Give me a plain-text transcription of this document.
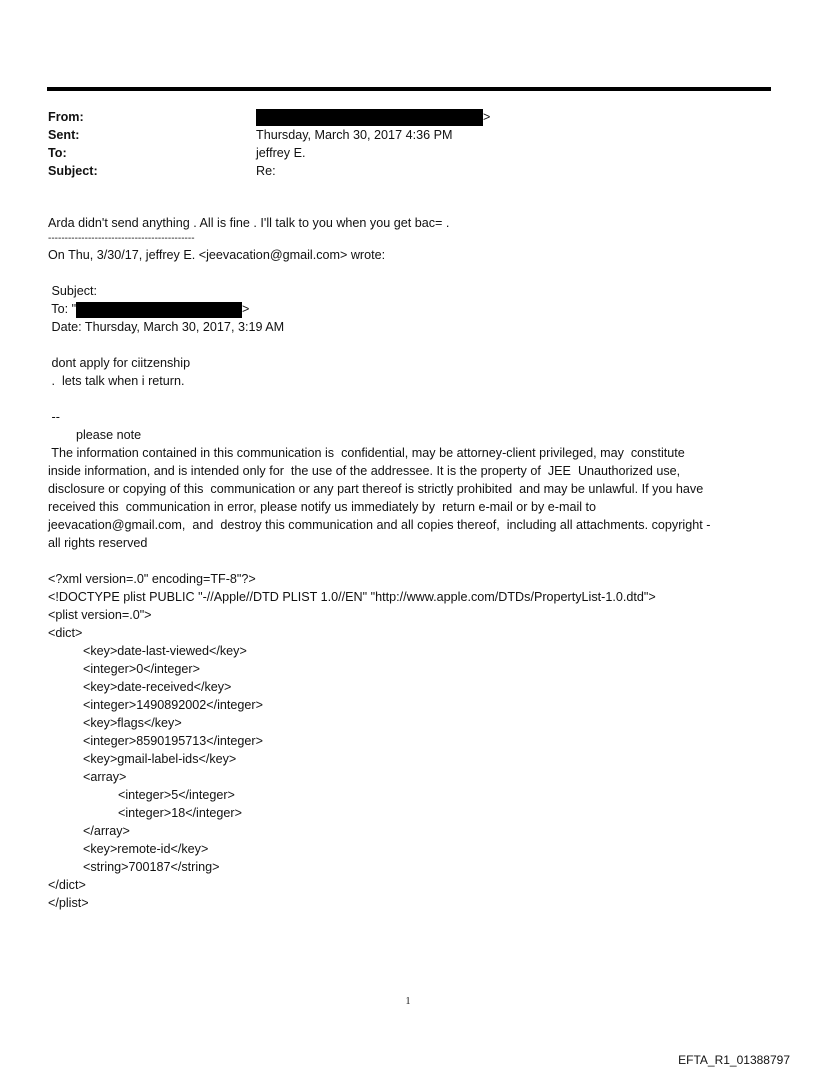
From:	>
Sent:	Thursday, March 30, 2017 4:36 PM
To:	jeffrey E.
Subject:	Re:
Arda didn't send anything . All is fine . I'll talk to you when you get bac= .
--------------------------------------------
On Thu, 3/30/17, jeffrey E. <jeevacation@gmail.com> wrote:
Subject:
To: "	>
Date: Thursday, March 30, 2017, 3:19 AM
dont apply for ciitzenship
.  lets talk when i return.
--
please note
The information contained in this communication is  confidential, may be attorney-client privileged, may  constitute
inside information, and is intended only for  the use of the addressee. It is the property of  JEE  Unauthorized use,
disclosure or copying of this  communication or any part thereof is strictly prohibited  and may be unlawful. If you have
received this  communication in error, please notify us immediately by  return e-mail or by e-mail to
jeevacation@gmail.com,  and  destroy this communication and all copies thereof,  including all attachments. copyright -
all rights reserved
<?xml version=.0" encoding=TF-8"?>
<!DOCTYPE plist PUBLIC "-//Apple//DTD PLIST 1.0//EN" "http://www.apple.com/DTDs/PropertyList-1.0.dtd">
<plist version=.0">
<dict>
<key>date-last-viewed</key>
<integer>0</integer>
<key>date-received</key>
<integer>1490892002</integer>
<key>flags</key>
<integer>8590195713</integer>
<key>gmail-label-ids</key>
<array>
<integer>5</integer>
<integer>18</integer>
</array>
<key>remote-id</key>
<string>700187</string>
</dict>
</plist>
1
EFTA_R1_01388797
